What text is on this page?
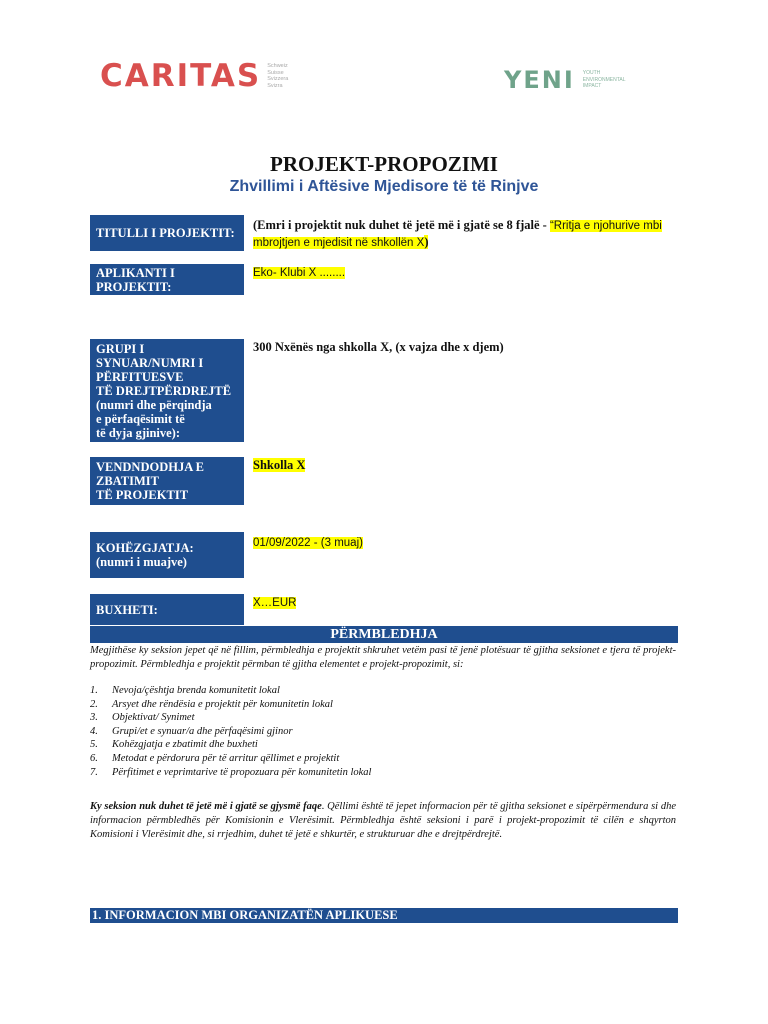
CARITAS Schweiz
Suisse
Svizzera
Svizra	YENI YOUTH
ENVIRONMENTAL
IMPACT
PROJEKT-PROPOZIMI
Zhvillimi i Aftësive Mjedisore të të Rinjve
TITULLI I PROJEKTIT:
(Emri i projektit nuk duhet të jetë më i gjatë se 8 fjalë - “Rritja e njohurive mbi
mbrojtjen e mjedisit në shkollën X)
APLIKANTI I
PROJEKTIT:
Eko- Klubi X ........
GRUPI I
SYNUAR/NUMRI I
PËRFITUESVE
TË DREJTPËRDREJTË
(numri dhe përqindja
e përfaqësimit të
të dyja gjinive):
300 Nxënës nga shkolla X, (x vajza dhe x djem)
VENDNDODHJA E
ZBATIMIT
TË PROJEKTIT
Shkolla X
KOHËZGJATJA:
(numri i muajve)
01/09/2022 - (3 muaj)
BUXHETI:	X…EUR
PËRMBLEDHJA

Megjithëse ky seksion jepet që në fillim, përmbledhja e projektit shkruhet vetëm pasi të jenë plotësuar të gjitha seksionet e tjera të projekt-propozimit. Përmbledhja e projektit përmban të gjitha elementet e projekt-propozimit, si:

1.	Nevoja/çështja brenda komunitetit lokal
2.	Arsyet dhe rëndësia e projektit për komunitetin lokal
3.	Objektivat/ Synimet
4.	Grupi/et e synuar/a dhe përfaqësimi gjinor
5.	Kohëzgjatja e zbatimit dhe buxheti
6.	Metodat e përdorura për të arritur qëllimet e projektit
7.	Përfitimet e veprimtarive të propozuara për komunitetin lokal

Ky seksion nuk duhet të jetë më i gjatë se gjysmë faqe. Qëllimi është të jepet informacion për të gjitha seksionet e sipërpërmendura si dhe informacion përmbledhës për Komisionin e Vlerësimit. Përmbledhja është seksioni i parë i projekt-propozimit të cilën e shqyrton Komisioni i Vlerësimit dhe, si rrjedhim, duhet të jetë e shkurtër, e strukturuar dhe e drejtpërdrejtë.

1. INFORMACION MBI ORGANIZATËN APLIKUESE
